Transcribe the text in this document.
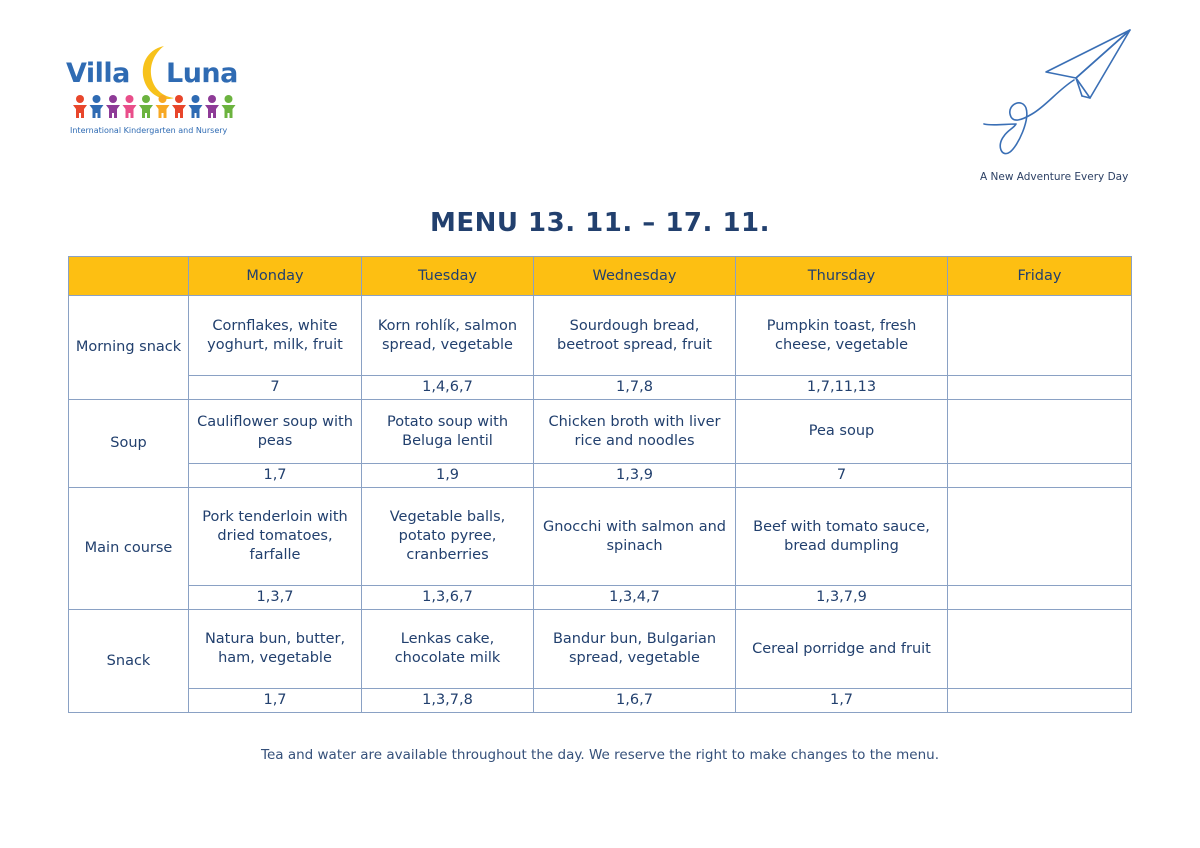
Villa Luna
International Kindergarten and Nursery
A New Adventure Every Day
MENU 13. 11. – 17. 11.
	Monday	Tuesday	Wednesday	Thursday	Friday
Morning snack	Cornflakes, white yoghurt, milk, fruit	Korn rohlík, salmon spread, vegetable	Sourdough bread, beetroot spread, fruit	Pumpkin toast, fresh cheese, vegetable	
	7	1,4,6,7	1,7,8	1,7,11,13	
Soup	Cauliflower soup with peas	Potato soup with Beluga lentil	Chicken broth with liver rice and noodles	Pea soup	
	1,7	1,9	1,3,9	7	
Main course	Pork tenderloin with dried tomatoes, farfalle	Vegetable balls, potato pyree, cranberries	Gnocchi with salmon and spinach	Beef with tomato sauce, bread dumpling	
	1,3,7	1,3,6,7	1,3,4,7	1,3,7,9	
Snack	Natura bun, butter, ham, vegetable	Lenkas cake, chocolate milk	Bandur bun, Bulgarian spread, vegetable	Cereal porridge and fruit	
	1,7	1,3,7,8	1,6,7	1,7	
Tea and water are available throughout the day. We reserve the right to make changes to the menu.
